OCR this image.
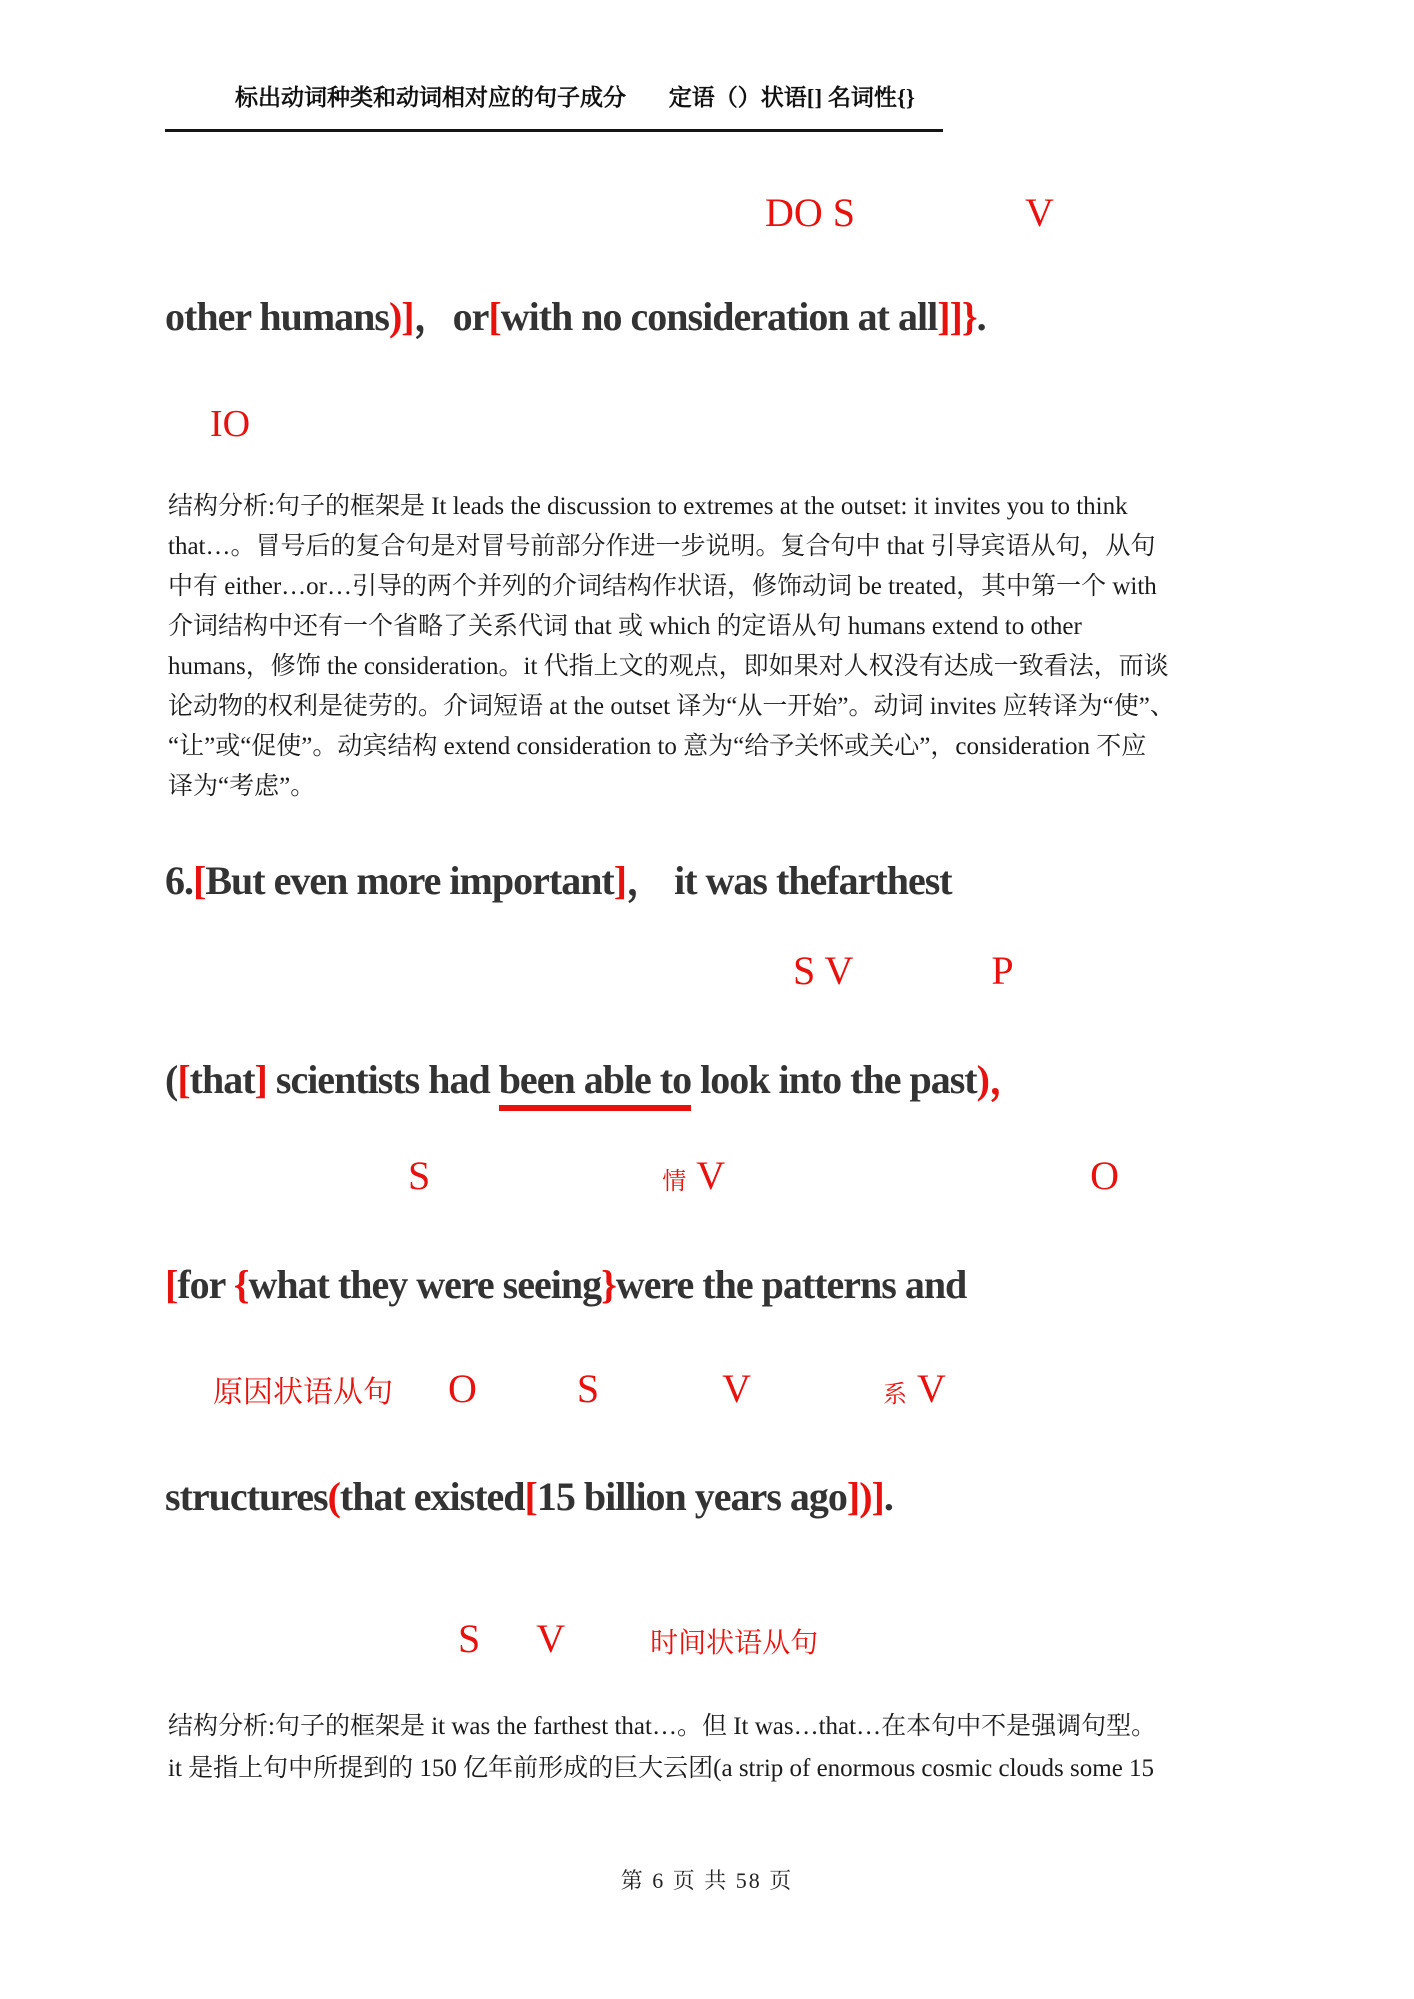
标出动词种类和动词相对应的句子成分 定语（）状语[] 名词性{}
DO S	V
other humans)]，or[with no consideration at all]]}.
IO
结构分析:句子的框架是 It leads the discussion to extremes at the outset: it invites you to think
that…。冒号后的复合句是对冒号前部分作进一步说明。复合句中 that 引导宾语从句，从句
中有 either…or…引导的两个并列的介词结构作状语，修饰动词 be treated，其中第一个 with
介词结构中还有一个省略了关系代词 that 或 which 的定语从句 humans extend to other
humans，修饰 the consideration。it 代指上文的观点，即如果对人权没有达成一致看法，而谈
论动物的权利是徒劳的。介词短语 at the outset 译为“从一开始”。动词 invites 应转译为“使”、
“让”或“促使”。动宾结构 extend consideration to 意为“给予关怀或关心”，consideration 不应
译为“考虑”。
6.[But even more important]， it was thefarthest
S V	P
([that] scientists had been able to look into the past)，
S	情 V	O
[for {what they were seeing}were the patterns and
原因状语从句 O	S	V	系 V
structures(that existed[15 billion years ago])].
S V	时间状语从句
结构分析:句子的框架是 it was the farthest that…。但 It was…that…在本句中不是强调句型。
it 是指上句中所提到的 150 亿年前形成的巨大云团(a strip of enormous cosmic clouds some 15
第 6 页 共 58 页
